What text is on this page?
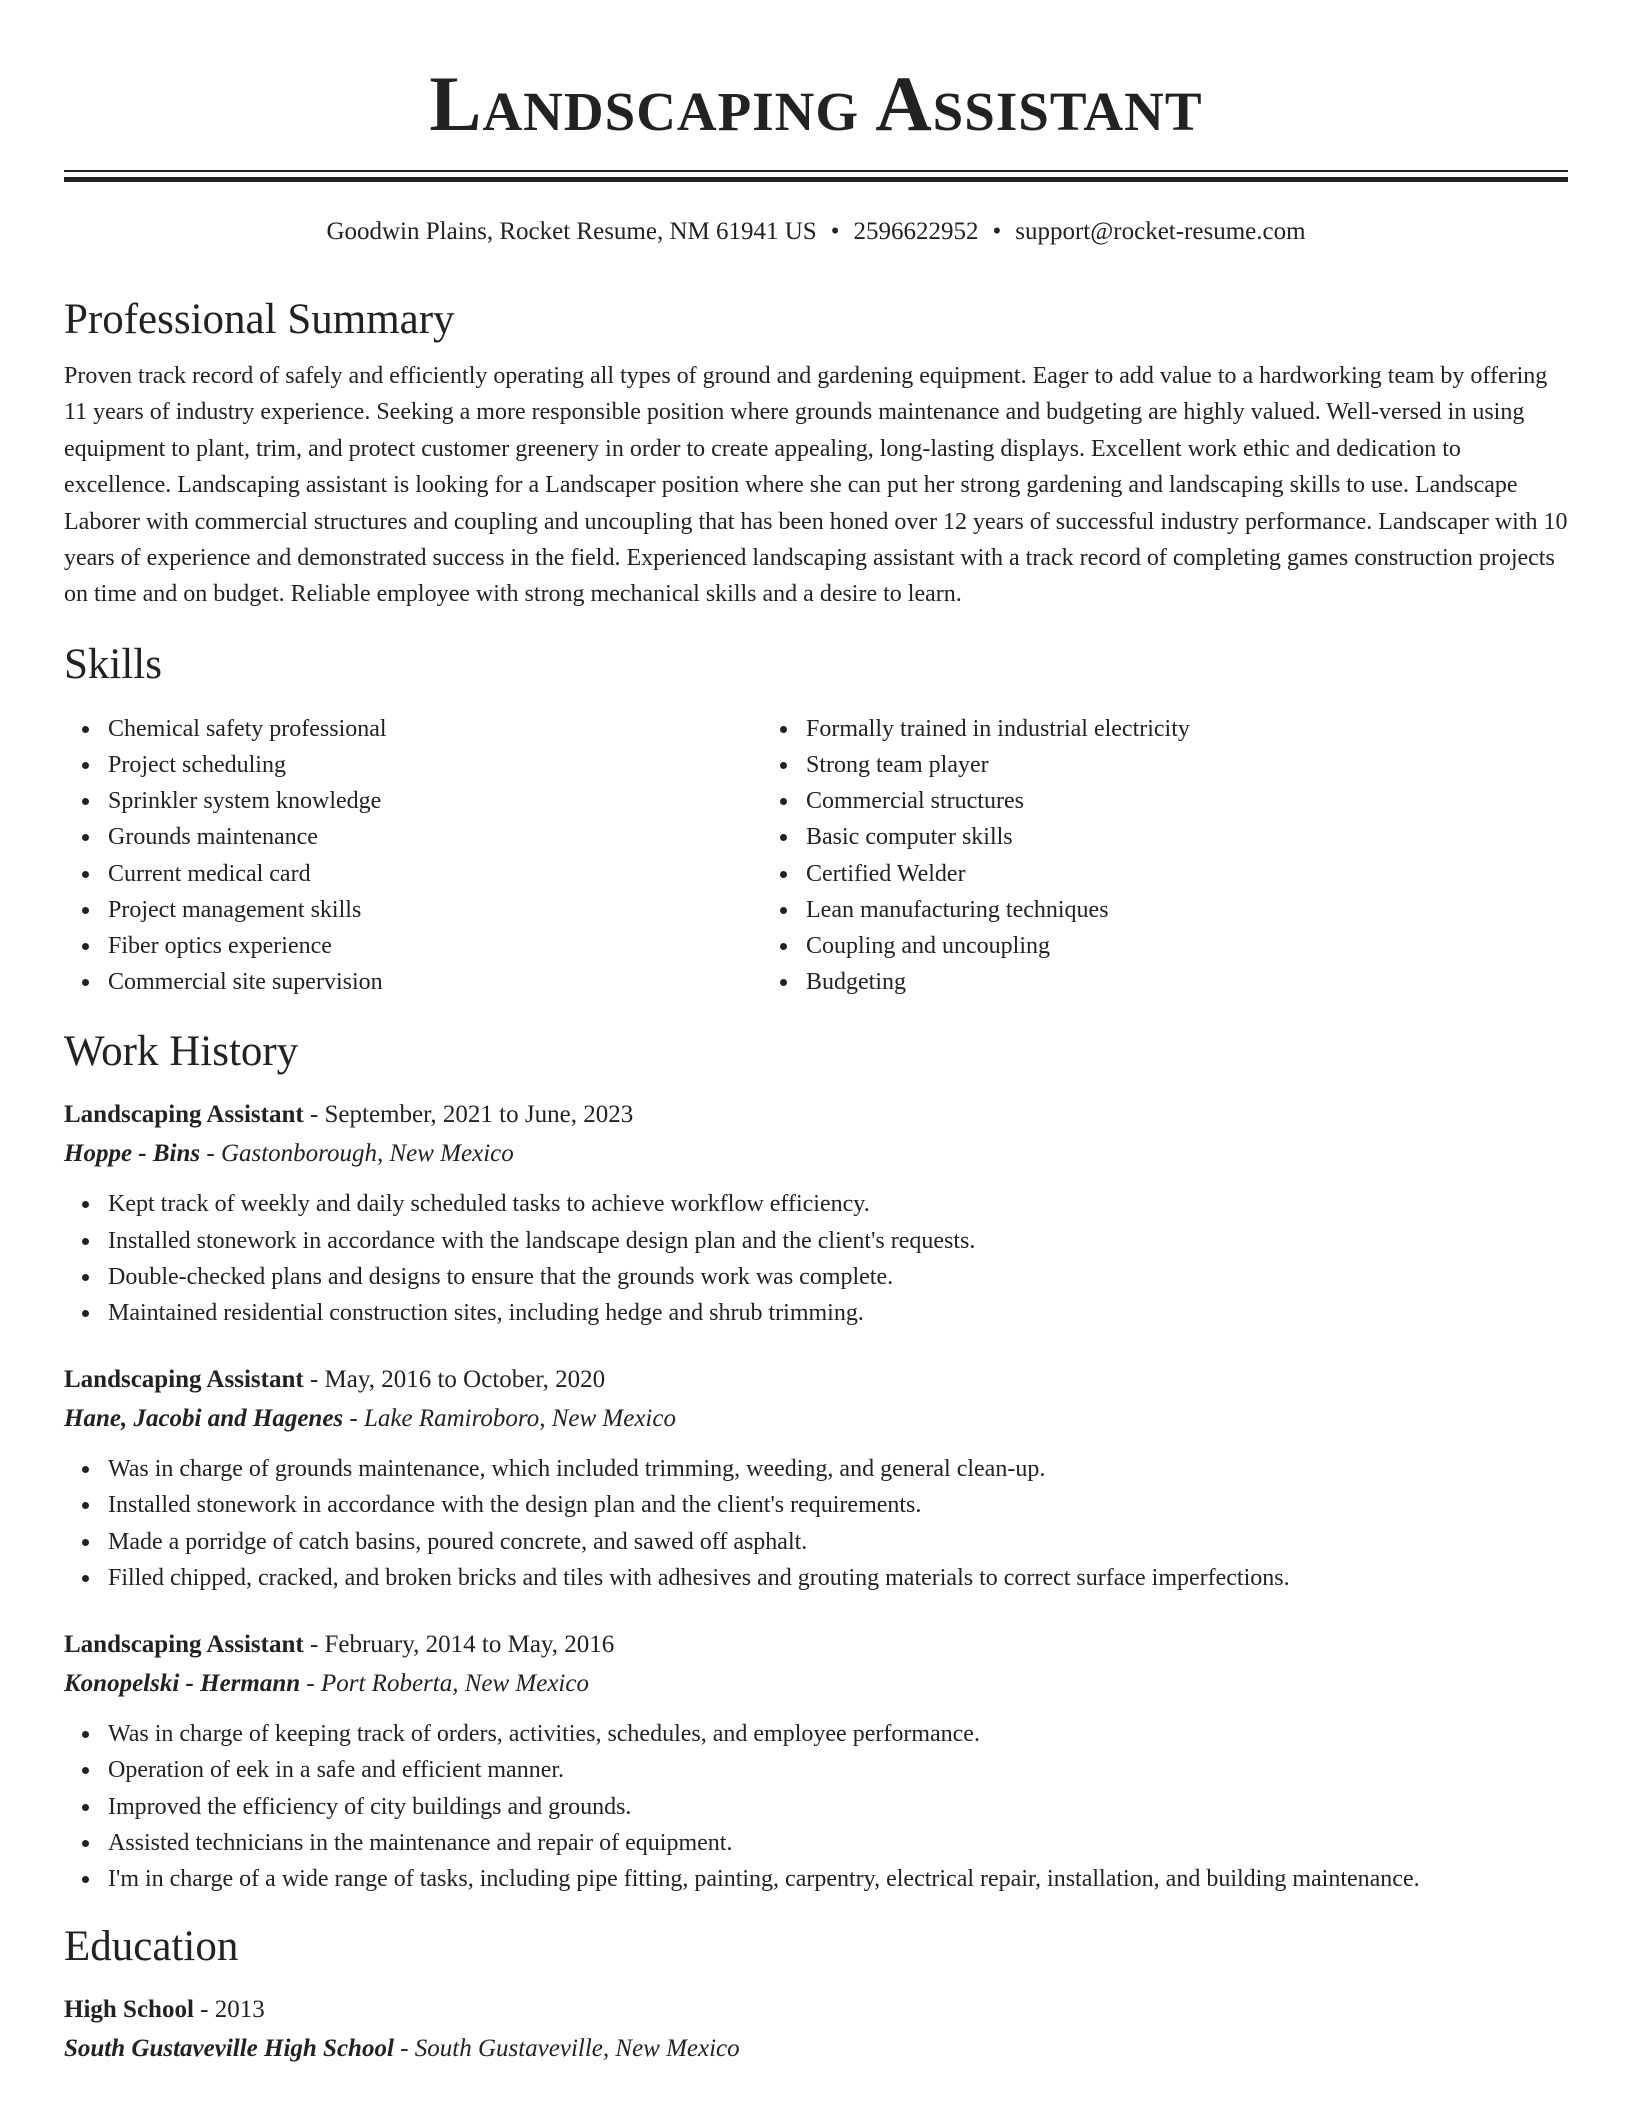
Landscaping Assistant
Goodwin Plains, Rocket Resume, NM 61941 US • 2596622952 • support@rocket-resume.com
Professional Summary
Proven track record of safely and efficiently operating all types of ground and gardening equipment. Eager to add value to a hardworking team by offering 11 years of industry experience. Seeking a more responsible position where grounds maintenance and budgeting are highly valued. Well-versed in using equipment to plant, trim, and protect customer greenery in order to create appealing, long-lasting displays. Excellent work ethic and dedication to excellence. Landscaping assistant is looking for a Landscaper position where she can put her strong gardening and landscaping skills to use. Landscape Laborer with commercial structures and coupling and uncoupling that has been honed over 12 years of successful industry performance. Landscaper with 10 years of experience and demonstrated success in the field. Experienced landscaping assistant with a track record of completing games construction projects on time and on budget. Reliable employee with strong mechanical skills and a desire to learn.
Skills
Chemical safety professional
Project scheduling
Sprinkler system knowledge
Grounds maintenance
Current medical card
Project management skills
Fiber optics experience
Commercial site supervision
Formally trained in industrial electricity
Strong team player
Commercial structures
Basic computer skills
Certified Welder
Lean manufacturing techniques
Coupling and uncoupling
Budgeting
Work History
Landscaping Assistant - September, 2021 to June, 2023
Hoppe - Bins - Gastonborough, New Mexico
Kept track of weekly and daily scheduled tasks to achieve workflow efficiency.
Installed stonework in accordance with the landscape design plan and the client's requests.
Double-checked plans and designs to ensure that the grounds work was complete.
Maintained residential construction sites, including hedge and shrub trimming.
Landscaping Assistant - May, 2016 to October, 2020
Hane, Jacobi and Hagenes - Lake Ramiroboro, New Mexico
Was in charge of grounds maintenance, which included trimming, weeding, and general clean-up.
Installed stonework in accordance with the design plan and the client's requirements.
Made a porridge of catch basins, poured concrete, and sawed off asphalt.
Filled chipped, cracked, and broken bricks and tiles with adhesives and grouting materials to correct surface imperfections.
Landscaping Assistant - February, 2014 to May, 2016
Konopelski - Hermann - Port Roberta, New Mexico
Was in charge of keeping track of orders, activities, schedules, and employee performance.
Operation of eek in a safe and efficient manner.
Improved the efficiency of city buildings and grounds.
Assisted technicians in the maintenance and repair of equipment.
I'm in charge of a wide range of tasks, including pipe fitting, painting, carpentry, electrical repair, installation, and building maintenance.
Education
High School - 2013
South Gustaveville High School - South Gustaveville, New Mexico
